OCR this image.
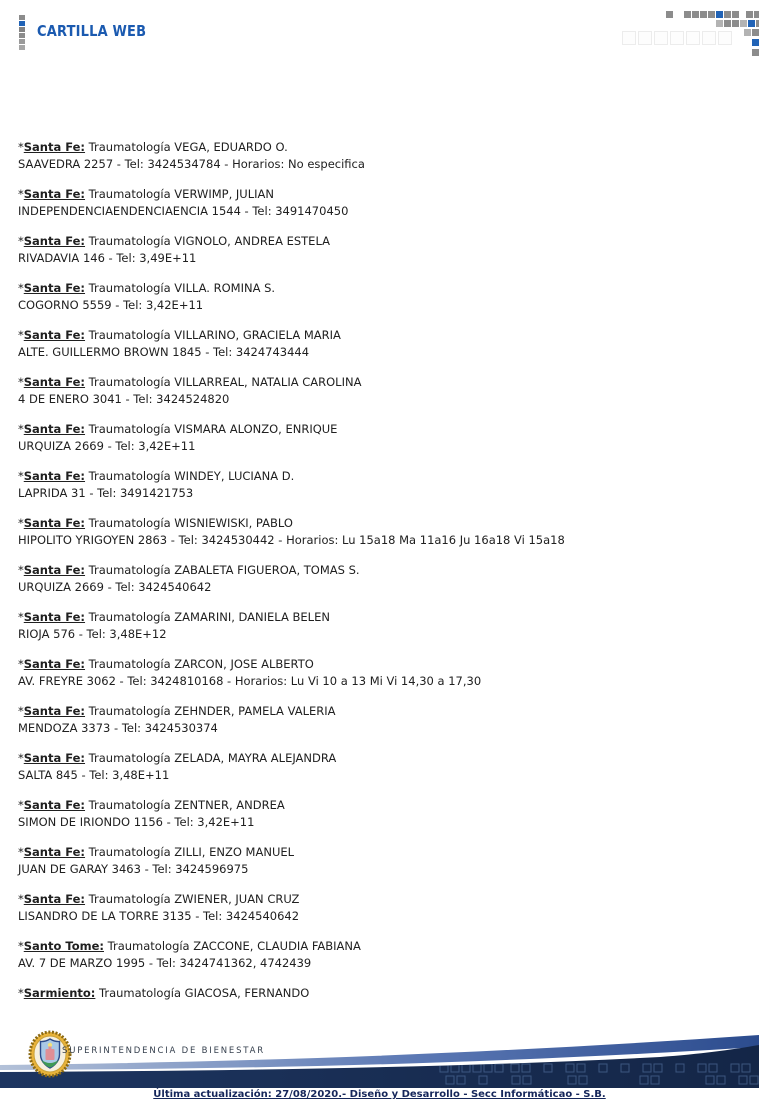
CARTILLA WEB
*Santa Fe: Traumatología VEGA, EDUARDO O.
SAAVEDRA 2257 - Tel: 3424534784 - Horarios: No especifica
*Santa Fe: Traumatología VERWIMP, JULIAN
INDEPENDENCIAENDENCIAENCIA 1544 - Tel: 3491470450
*Santa Fe: Traumatología VIGNOLO, ANDREA ESTELA
RIVADAVIA 146 - Tel: 3,49E+11
*Santa Fe: Traumatología VILLA. ROMINA S.
COGORNO 5559 - Tel: 3,42E+11
*Santa Fe: Traumatología VILLARINO, GRACIELA MARIA
ALTE. GUILLERMO BROWN 1845 - Tel: 3424743444
*Santa Fe: Traumatología VILLARREAL, NATALIA CAROLINA
4 DE ENERO 3041 - Tel: 3424524820
*Santa Fe: Traumatología VISMARA ALONZO, ENRIQUE
URQUIZA 2669 - Tel: 3,42E+11
*Santa Fe: Traumatología WINDEY, LUCIANA D.
LAPRIDA 31 - Tel: 3491421753
*Santa Fe: Traumatología WISNIEWISKI, PABLO
HIPOLITO YRIGOYEN 2863 - Tel: 3424530442 - Horarios: Lu 15a18 Ma 11a16 Ju 16a18 Vi 15a18
*Santa Fe: Traumatología ZABALETA FIGUEROA, TOMAS S.
URQUIZA 2669 - Tel: 3424540642
*Santa Fe: Traumatología ZAMARINI, DANIELA BELEN
RIOJA 576 - Tel: 3,48E+12
*Santa Fe: Traumatología ZARCON, JOSE ALBERTO
AV. FREYRE 3062 - Tel: 3424810168 - Horarios: Lu Vi 10 a 13 Mi Vi 14,30 a 17,30
*Santa Fe: Traumatología ZEHNDER, PAMELA VALERIA
MENDOZA 3373 - Tel: 3424530374
*Santa Fe: Traumatología ZELADA, MAYRA ALEJANDRA
SALTA 845 - Tel: 3,48E+11
*Santa Fe: Traumatología ZENTNER, ANDREA
SIMON DE IRIONDO 1156 - Tel: 3,42E+11
*Santa Fe: Traumatología ZILLI, ENZO MANUEL
JUAN DE GARAY 3463 - Tel: 3424596975
*Santa Fe: Traumatología ZWIENER, JUAN CRUZ
LISANDRO DE LA TORRE 3135 - Tel: 3424540642
*Santo Tome: Traumatología ZACCONE, CLAUDIA FABIANA
AV. 7 DE MARZO 1995 - Tel: 3424741362, 4742439
*Sarmiento: Traumatología GIACOSA, FERNANDO
SUPERINTENDENCIA DE BIENESTAR
Última actualización: 27/08/2020.- Diseño y Desarrollo - Secc Informáticao - S.B.
